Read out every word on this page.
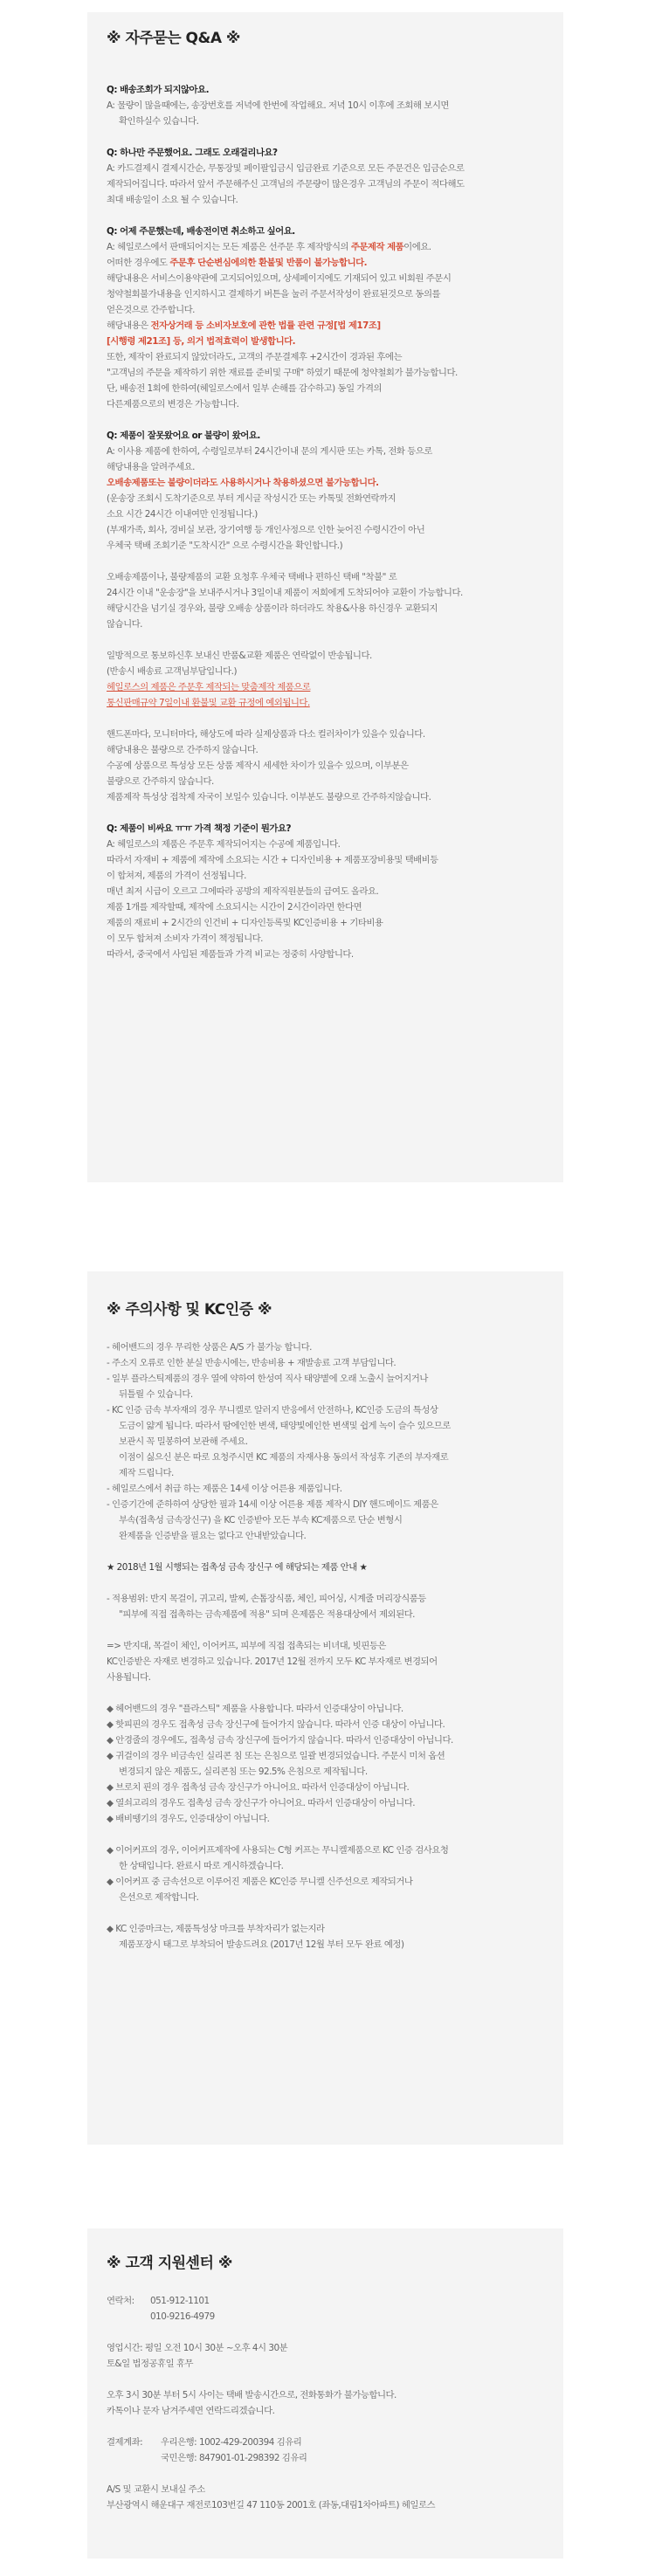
※ 자주묻는 Q&A ※
Q: 배송조회가 되지않아요.
A: 물량이 많을때에는, 송장번호를 저녁에 한번에 작업해요. 저녁 10시 이후에 조회해 보시면
확인하실수 있습니다.
Q: 하나만 주문했어요. 그래도 오래걸리나요?
A: 카드결제시 결제시간순, 무통장및 페이팔입금시 입금완료 기준으로 모든 주문건은 입금순으로
제작되어집니다. 따라서 앞서 주문해주신 고객님의 주문량이 많은경우 고객님의 주문이 적다해도
최대 배송일이 소요 될 수 있습니다.
Q: 어제 주문했는데, 배송전이면 취소하고 싶어요.
A: 헤일로스에서 판매되어지는 모든 제품은 선주문 후 제작방식의 주문제작 제품이에요.
어떠한 경우에도 주문후 단순변심에의한 환불및 반품이 불가능합니다.
해당내용은 서비스이용약관에 고지되어있으며, 상세페이지에도 기재되어 있고 비회원 주문시
청약철회불가내용을 인지하시고 결제하기 버튼을 눌러 주문서작성이 완료된것으로 동의를
얻은것으로 간주합니다.
해당내용은 전자상거래 등 소비자보호에 관한 법률 관련 규정[법 제17조]
[시행령 제21조] 등, 의거 법적효력이 발생합니다.
또한, 제작이 완료되지 않았더라도, 고객의 주문결제후 +2시간이 경과된 후에는
"고객님의 주문을 제작하기 위한 재료를 준비및 구매" 하였기 때문에 청약철회가 불가능합니다.
단, 배송전 1회에 한하여(헤일로스에서 일부 손해를 감수하고) 동일 가격의
다른제품으로의 변경은 가능합니다.
Q: 제품이 잘못왔어요 or 불량이 왔어요.
A: 이사용 제품에 한하여, 수령일로부터 24시간이내 문의 게시판 또는 카톡, 전화 등으로
해당내용을 알려주세요.
오배송제품또는 불량이더라도 사용하시거나 착용하셨으면 불가능합니다.
(운송장 조회시 도착기준으로 부터 게시글 작성시간 또는 카톡및 전화연락까지
소요 시간 24시간 이내여만 인정됩니다.)
(부재가족, 회사, 경비실 보관, 장기여행 등 개인사정으로 인한 늦어진 수령시간이 아닌
우체국 택배 조회기준 "도착시간" 으로 수령시간을 확인합니다.)
오배송제품이나, 불량제품의 교환 요청후 우체국 택배나 편하신 택배 "착불" 로
24시간 이내 "운송장"을 보내주시거나 3일이내 제품이 저희에게 도착되어야 교환이 가능합니다.
해당시간을 넘기실 경우와, 불량 오배송 상품이라 하더라도 착용&사용 하신경우 교환되지
않습니다.
일방적으로 통보하신후 보내신 반품&교환 제품은 연락없이 반송됩니다.
(반송시 배송료 고객님부담입니다.)
헤일로스의 제품은 주문후 제작되는 맞춤제작 제품으로
통신판매규약 7일이내 환불및 교환 규정에 예외됩니다.
핸드폰마다, 모니터마다, 해상도에 따라 실제상품과 다소 컬러차이가 있을수 있습니다.
해당내용은 불량으로 간주하지 않습니다.
수공예 상품으로 특성상 모든 상품 제작시 세세한 차이가 있을수 있으며, 이부분은
불량으로 간주하지 않습니다.
제품제작 특성상 접착제 자국이 보일수 있습니다. 이부분도 불량으로 간주하지않습니다.
Q: 제품이 비싸요 ㅠㅠ 가격 책정 기준이 뭔가요?
A: 헤일로스의 제품은 주문후 제작되어지는 수공예 제품입니다.
따라서 자재비 + 제품에 제작에 소요되는 시간 + 디자인비용 + 제품포장비용및 택배비등
이 합쳐져, 제품의 가격이 선정됩니다.
매년 최저 시급이 오르고 그에따라 공방의 제작직원분들의 급여도 올라요.
제품 1개를 제작할때, 제작에 소요되시는 시간이 2시간이라면 한다면
제품의 재료비 + 2시간의 인건비 + 디자인등록및 KC인증비용 + 기타비용
이 모두 합쳐져 소비자 가격이 책정됩니다.
따라서, 중국에서 사입된 제품들과 가격 비교는 정중히 사양합니다.
※ 주의사항 및 KC인증 ※
- 헤어밴드의 경우 무리한 상품은 A/S 가 불가능 합니다.
- 주소지 오류로 인한 분실 반송시에는, 반송비용 + 재발송료 고객 부담입니다.
- 일부 플라스틱제품의 경우 열에 약하여 한성여 직사 태양볕에 오래 노출시 늘어지거나
뒤틀릴 수 있습니다.
- KC 인증 금속 부자재의 경우 무니켈로 알러지 반응에서 안전하나, KC인증 도금의 특성상
도금이 얇게 됩니다. 따라서 땀에인한 변색, 태양빛에인한 변색및 쉽게 녹이 슬수 있으므로
보관시 꼭 밀봉하여 보관해 주세요.
이점이 싫으신 분은 따로 요청주시면 KC 제품의 자재사용 동의서 작성후 기존의 부자재로
제작 드립니다.
- 헤일로스에서 취급 하는 제품은 14세 이상 어른용 제품입니다.
- 인증기간에 준하하여 상당한 필과 14세 이상 어른용 제품 제작시 DIY 핸드메이드 제품은
부속(접촉성 금속장신구) 을 KC 인증받아 모든 부속 KC제품으로 단순 변형시
완제품을 인증받을 필요는 없다고 안내받았습니다.
★ 2018년 1월 시행되는 접촉성 금속 장신구 에 해당되는 제품 안내 ★
- 적용범위: 반지 목걸이, 귀고리, 발찌, 손톱장식품, 체인, 피어싱, 시계줄 머리장식품등
"피부에 직접 접촉하는 금속제품에 적용" 되며 은제품은 적용대상에서 제외된다.
=> 반지대, 목걸이 체인, 이어커프, 피부에 직접 접촉되는 비녀대, 빗핀등은
KC인증받은 자재로 변경하고 있습니다. 2017년 12월 전까지 모두 KC 부자재로 변경되어
사용됩니다.
◆ 헤어밴드의 경우 "플라스틱" 제품을 사용합니다. 따라서 인증대상이 아닙니다.
◆ 핫피핀의 경우도 접촉성 금속 장신구에 들어가지 않습니다. 따라서 인증 대상이 아닙니다.
◆ 안경줄의 경우에도, 접촉성 금속 장신구에 들어가지 않습니다. 따라서 인증대상이 아닙니다.
◆ 귀걸이의 경우 비금속인 실리콘 침 또는 은침으로 일괄 변경되었습니다. 주문시 미처 옵션
변경되지 않은 제품도, 실리콘침 또는 92.5% 은침으로 제작됩니다.
◆ 브로치 핀의 경우 접촉성 금속 장신구가 아니어요. 따라서 인증대상이 아닙니다.
◆ 열쇠고리의 경우도 접촉성 금속 장신구가 아니어요. 따라서 인증대상이 아닙니다.
◆ 배비뗑기의 경우도, 인증대상이 아닙니다.
◆ 이어커프의 경우, 이어커프제작에 사용되는 C형 커프는 무니켈제품으로 KC 인증 검사요청
한 상태입니다. 완료시 따로 게시하겠습니다.
◆ 이어커프 중 금속선으로 이루어진 제품은 KC인증 무니켈 신주선으로 제작되거나
은선으로 제작합니다.
◆ KC 인증마크는, 제품특성상 마크를 부착자리가 없는지라
제품포장시 태그로 부착되어 발송드려요 (2017년 12월 부터 모두 완료 예정)
※ 고객 지원센터 ※
연락처: 051-912-1101
010-9216-4979
영업시간: 평일 오전 10시 30분 ~오후 4시 30분
토&일 법정공휴일 휴무
오후 3시 30분 부터 5시 사이는 택배 발송시간으로, 전화통화가 불가능합니다.
카톡이나 문자 남겨주세면 연락드리겠습니다.
결제계좌: 우리은행: 1002-429-200394 김유리
국민은행: 847901-01-298392 김유리
A/S 및 교환시 보내실 주소
부산광역시 해운대구 재전로103번길 47 110동 2001호 (좌동,대림1차아파트) 헤일로스
